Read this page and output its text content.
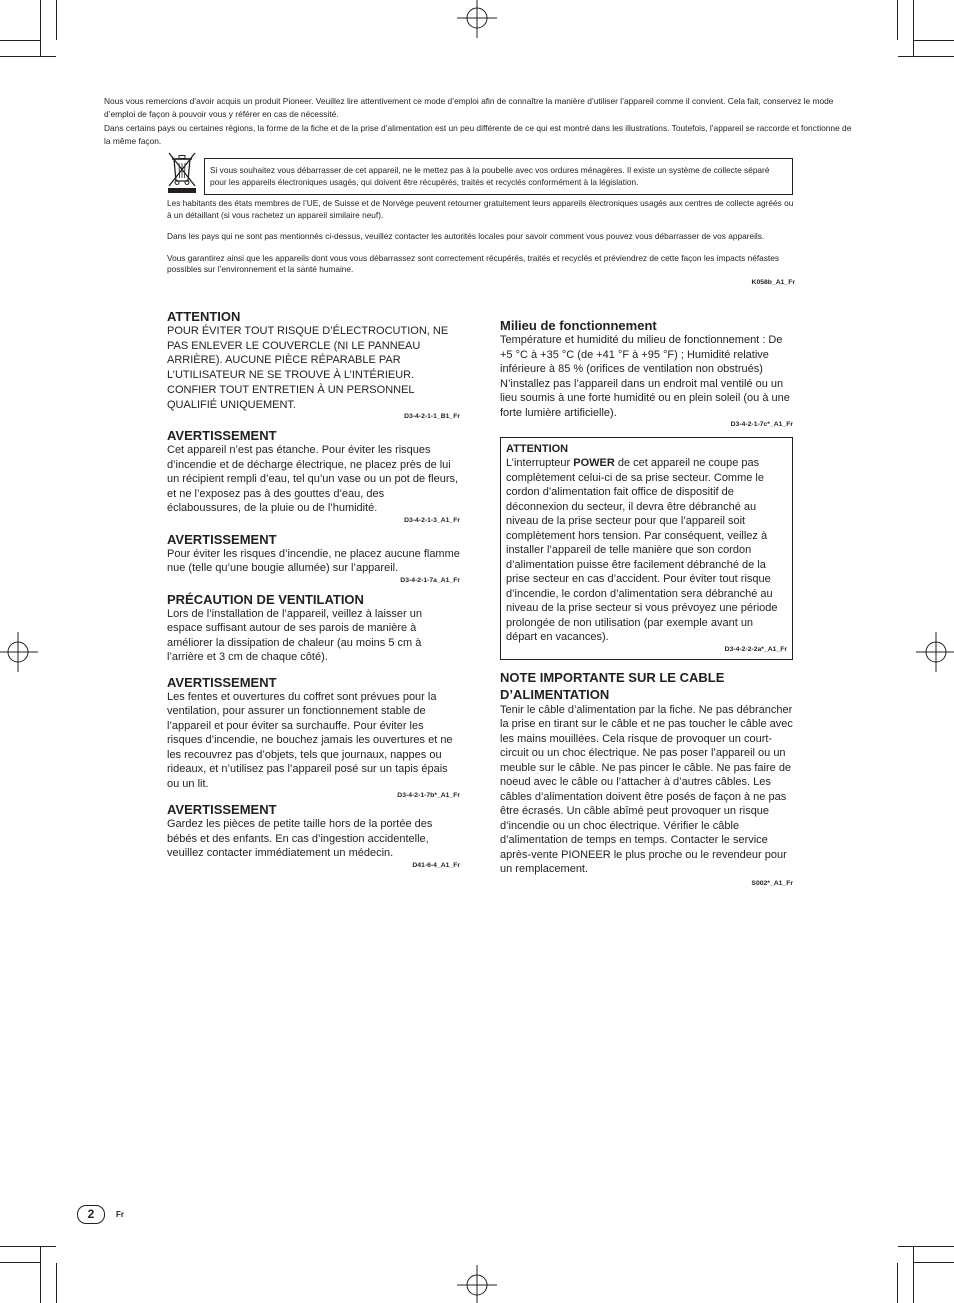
Nous vous remercions d’avoir acquis un produit Pioneer. Veuillez lire attentivement ce mode d’emploi afin de connaître la manière d’utiliser l’appareil comme il convient. Cela fait, conservez le mode d’emploi de façon à pouvoir vous y référer en cas de nécessité.

Dans certains pays ou certaines régions, la forme de la fiche et de la prise d’alimentation est un peu différente de ce qui est montré dans les illustrations. Toutefois, l’appareil se raccorde et fonctionne de la même façon.

Si vous souhaitez vous débarrasser de cet appareil, ne le mettez pas à la poubelle avec vos ordures ménagères. Il existe un système de collecte séparé pour les appareils électroniques usagés, qui doivent être récupérés, traités et recyclés conformément à la législation.

Les habitants des états membres de l’UE, de Suisse et de Norvège peuvent retourner gratuitement leurs appareils électroniques usagés aux centres de collecte agréés ou à un détaillant (si vous rachetez un appareil similaire neuf).

Dans les pays qui ne sont pas mentionnés ci-dessus, veuillez contacter les autorités locales pour savoir comment vous pouvez vous débarrasser de vos appareils.

Vous garantirez ainsi que les appareils dont vous vous débarrassez sont correctement récupérés, traités et recyclés et préviendrez de cette façon les impacts néfastes possibles sur l’environnement et la santé humaine.

K058b_A1_Fr
ATTENTION

POUR ÉVITER TOUT RISQUE D’ÉLECTROCUTION, NE PAS ENLEVER LE COUVERCLE (NI LE PANNEAU ARRIÈRE). AUCUNE PIÈCE RÉPARABLE PAR L’UTILISATEUR NE SE TROUVE À L’INTÉRIEUR. CONFIER TOUT ENTRETIEN À UN PERSONNEL QUALIFIÉ UNIQUEMENT.

D3-4-2-1-1_B1_Fr
AVERTISSEMENT

Cet appareil n’est pas étanche. Pour éviter les risques d’incendie et de décharge électrique, ne placez près de lui un récipient rempli d’eau, tel qu’un vase ou un pot de fleurs, et ne l’exposez pas à des gouttes d’eau, des éclaboussures, de la pluie ou de l’humidité.

D3-4-2-1-3_A1_Fr
AVERTISSEMENT

Pour éviter les risques d’incendie, ne placez aucune flamme nue (telle qu’une bougie allumée) sur l’appareil.

D3-4-2-1-7a_A1_Fr
PRÉCAUTION DE VENTILATION

Lors de l’installation de l’appareil, veillez à laisser un espace suffisant autour de ses parois de manière à améliorer la dissipation de chaleur (au moins 5 cm à l’arrière et 3 cm de chaque côté).

AVERTISSEMENT

Les fentes et ouvertures du coffret sont prévues pour la ventilation, pour assurer un fonctionnement stable de l’appareil et pour éviter sa surchauffe. Pour éviter les risques d’incendie, ne bouchez jamais les ouvertures et ne les recouvrez pas d’objets, tels que journaux, nappes ou rideaux, et n’utilisez pas l’appareil posé sur un tapis épais ou un lit.

D3-4-2-1-7b*_A1_Fr
AVERTISSEMENT

Gardez les pièces de petite taille hors de la portée des bébés et des enfants. En cas d’ingestion accidentelle, veuillez contacter immédiatement un médecin.

D41-6-4_A1_Fr
Milieu de fonctionnement

Température et humidité du milieu de fonctionnement : De +5 °C à +35 °C (de +41 °F à +95 °F) ; Humidité relative inférieure à 85 % (orifices de ventilation non obstrués)

N’installez pas l’appareil dans un endroit mal ventilé ou un lieu soumis à une forte humidité ou en plein soleil (ou à une forte lumière artificielle).

D3-4-2-1-7c*_A1_Fr
ATTENTION

L’interrupteur POWER de cet appareil ne coupe pas complètement celui-ci de sa prise secteur. Comme le cordon d’alimentation fait office de dispositif de déconnexion du secteur, il devra être débranché au niveau de la prise secteur pour que l’appareil soit complètement hors tension. Par conséquent, veillez à installer l’appareil de telle manière que son cordon d’alimentation puisse être facilement débranché de la prise secteur en cas d’accident. Pour éviter tout risque d’incendie, le cordon d’alimentation sera débranché au niveau de la prise secteur si vous prévoyez une période prolongée de non utilisation (par exemple avant un départ en vacances).

D3-4-2-2-2a*_A1_Fr
NOTE IMPORTANTE SUR LE CABLE
D’ALIMENTATION

Tenir le câble d’alimentation par la fiche. Ne pas débrancher la prise en tirant sur le câble et ne pas toucher le câble avec les mains mouillées. Cela risque de provoquer un court-circuit ou un choc électrique. Ne pas poser l’appareil ou un meuble sur le câble. Ne pas pincer le câble. Ne pas faire de noeud avec le câble ou l’attacher à d’autres câbles. Les câbles d’alimentation doivent être posés de façon à ne pas être écrasés. Un câble abîmé peut provoquer un risque d’incendie ou un choc électrique. Vérifier le câble d’alimentation de temps en temps. Contacter le service après-vente PIONEER le plus proche ou le revendeur pour un remplacement.

S002*_A1_Fr
2	Fr
